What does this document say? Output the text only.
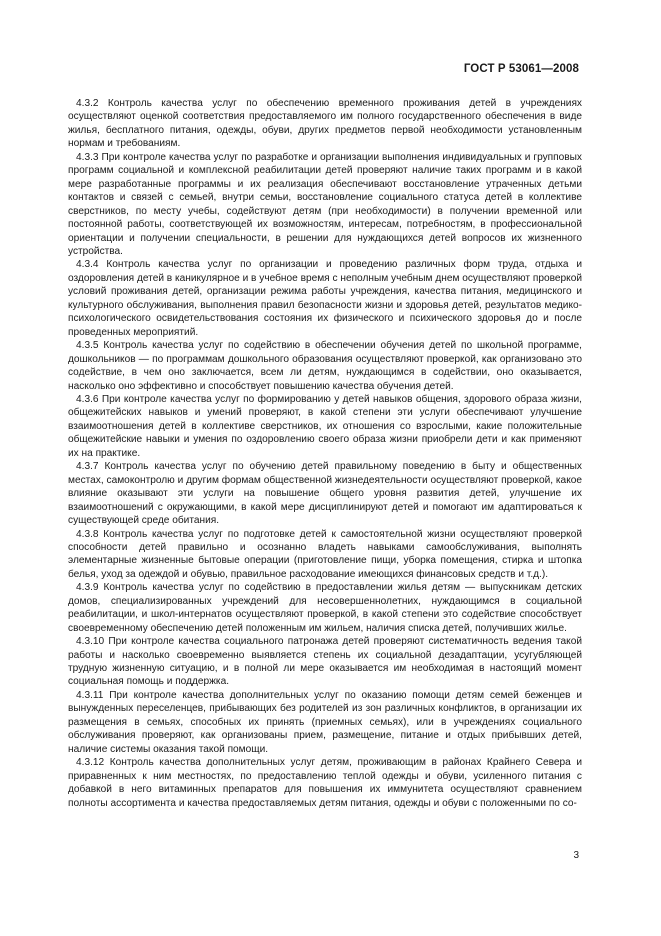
ГОСТ Р 53061—2008

4.3.2 Контроль качества услуг по обеспечению временного проживания детей в учреждениях осуществляют оценкой соответствия предоставляемого им полного государственного обеспечения в виде жилья, бесплатного питания, одежды, обуви, других предметов первой необходимости установленным нормам и требованиям.

4.3.3 При контроле качества услуг по разработке и организации выполнения индивидуальных и групповых программ социальной и комплексной реабилитации детей проверяют наличие таких программ и в какой мере разработанные программы и их реализация обеспечивают восстановление утраченных детьми контактов и связей с семьей, внутри семьи, восстановление социального статуса детей в коллективе сверстников, по месту учебы, содействуют детям (при необходимости) в получении временной или постоянной работы, соответствующей их возможностям, интересам, потребностям, в профессиональной ориентации и получении специальности, в решении для нуждающихся детей вопросов их жизненного устройства.

4.3.4 Контроль качества услуг по организации и проведению различных форм труда, отдыха и оздоровления детей в каникулярное и в учебное время с неполным учебным днем осуществляют проверкой условий проживания детей, организации режима работы учреждения, качества питания, медицинского и культурного обслуживания, выполнения правил безопасности жизни и здоровья детей, результатов медико-психологического освидетельствования состояния их физического и психического здоровья до и после проведенных мероприятий.

4.3.5 Контроль качества услуг по содействию в обеспечении обучения детей по школьной программе, дошкольников — по программам дошкольного образования осуществляют проверкой, как организовано это содействие, в чем оно заключается, всем ли детям, нуждающимся в содействии, оно оказывается, насколько оно эффективно и способствует повышению качества обучения детей.

4.3.6 При контроле качества услуг по формированию у детей навыков общения, здорового образа жизни, общежитейских навыков и умений проверяют, в какой степени эти услуги обеспечивают улучшение взаимоотношения детей в коллективе сверстников, их отношения со взрослыми, какие положительные общежитейские навыки и умения по оздоровлению своего образа жизни приобрели дети и как применяют их на практике.

4.3.7 Контроль качества услуг по обучению детей правильному поведению в быту и общественных местах, самоконтролю и другим формам общественной жизнедеятельности осуществляют проверкой, какое влияние оказывают эти услуги на повышение общего уровня развития детей, улучшение их взаимоотношений с окружающими, в какой мере дисциплинируют детей и помогают им адаптироваться к существующей среде обитания.

4.3.8 Контроль качества услуг по подготовке детей к самостоятельной жизни осуществляют проверкой способности детей правильно и осознанно владеть навыками самообслуживания, выполнять элементарные жизненные бытовые операции (приготовление пищи, уборка помещения, стирка и штопка белья, уход за одеждой и обувью, правильное расходование имеющихся финансовых средств и т.д.).

4.3.9 Контроль качества услуг по содействию в предоставлении жилья детям — выпускникам детских домов, специализированных учреждений для несовершеннолетних, нуждающимся в социальной реабилитации, и школ-интернатов осуществляют проверкой, в какой степени это содействие способствует своевременному обеспечению детей положенным им жильем, наличия списка детей, получивших жилье.

4.3.10 При контроле качества социального патронажа детей проверяют систематичность ведения такой работы и насколько своевременно выявляется степень их социальной дезадаптации, усугубляющей трудную жизненную ситуацию, и в полной ли мере оказывается им необходимая в настоящий момент социальная помощь и поддержка.

4.3.11 При контроле качества дополнительных услуг по оказанию помощи детям семей беженцев и вынужденных переселенцев, прибывающих без родителей из зон различных конфликтов, в организации их размещения в семьях, способных их принять (приемных семьях), или в учреждениях социального обслуживания проверяют, как организованы прием, размещение, питание и отдых прибывших детей, наличие системы оказания такой помощи.

4.3.12 Контроль качества дополнительных услуг детям, проживающим в районах Крайнего Севера и приравненных к ним местностях, по предоставлению теплой одежды и обуви, усиленного питания с добавкой в него витаминных препаратов для повышения их иммунитета осуществляют сравнением полноты ассортимента и качества предоставляемых детям питания, одежды и обуви с положенными по со-

3
